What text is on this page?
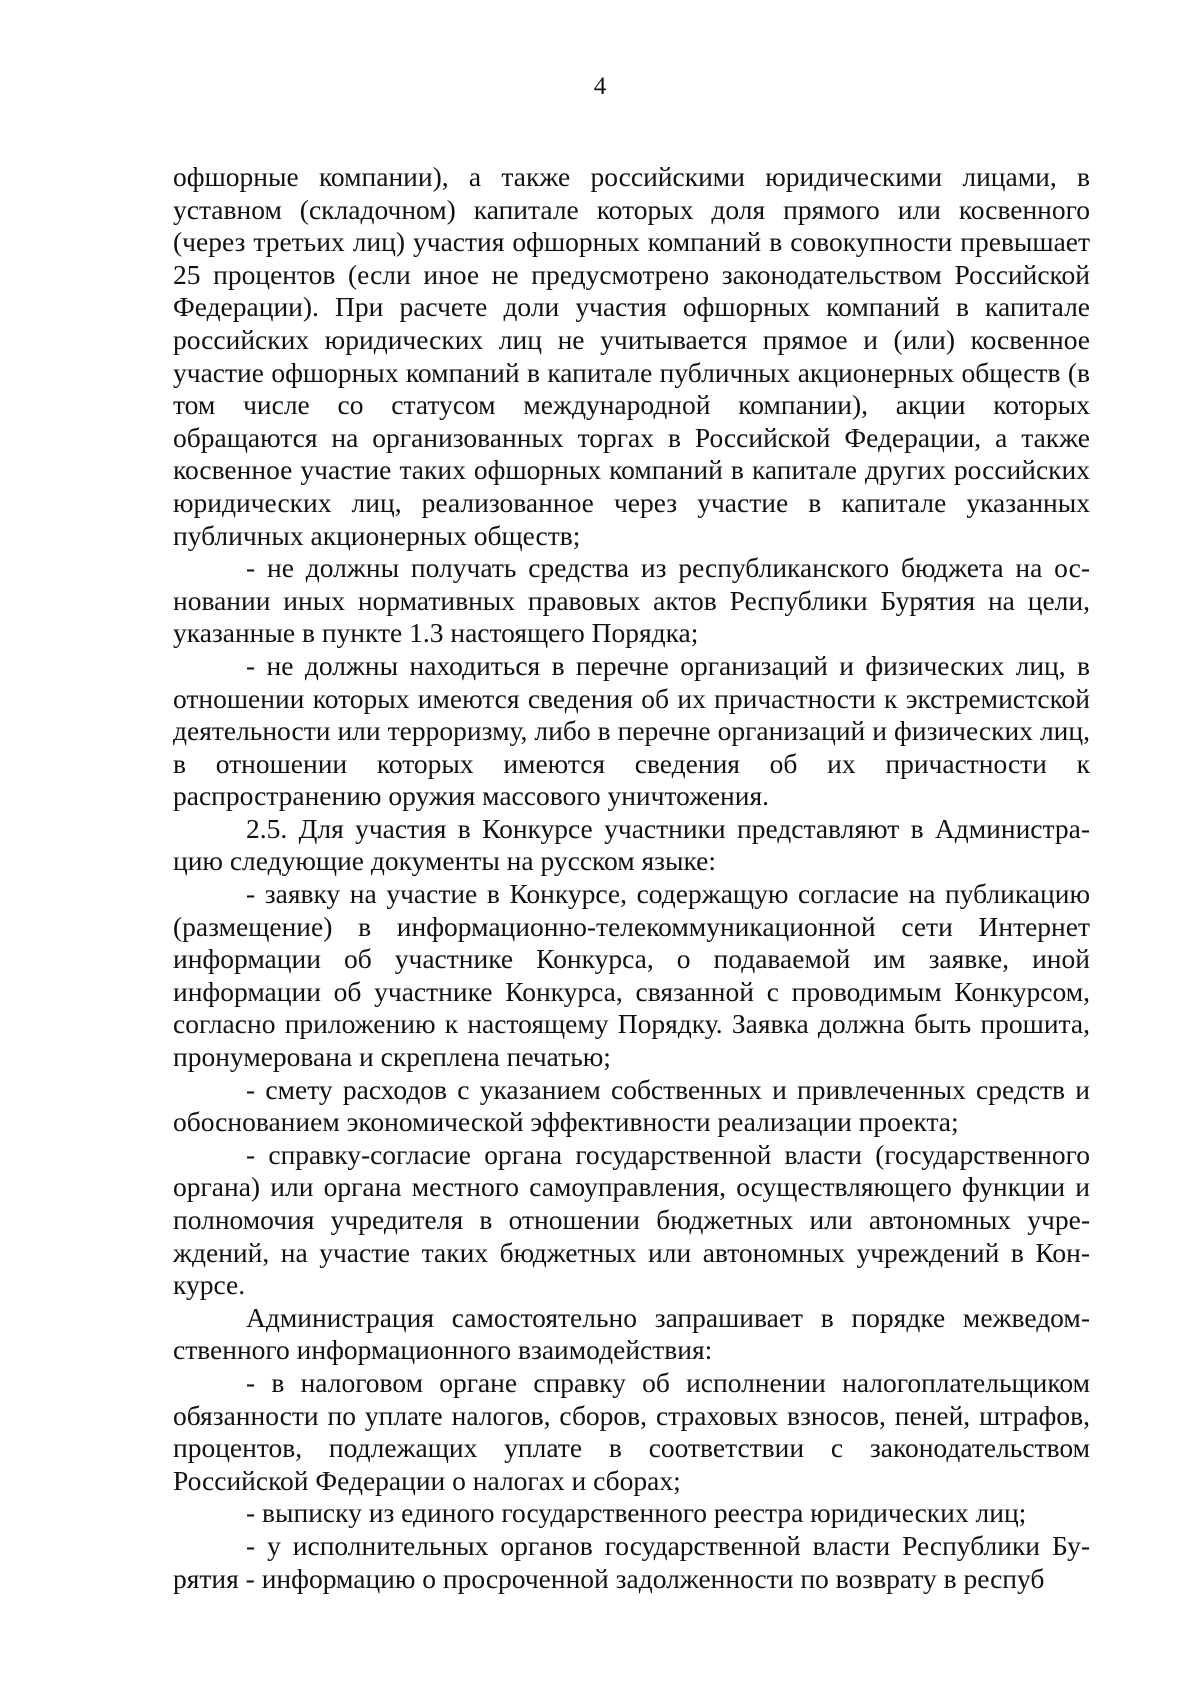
4

офшорные компании), а также российскими юридическими лицами, в уставном (складочном) капитале которых доля прямого или косвенного (через третьих лиц) участия офшорных компаний в совокупности превышает 25 процентов (если иное не предусмотрено законодательством Российской Федерации). При расчете доли участия офшорных компаний в капитале российских юридических лиц не учитывается прямое и (или) косвенное участие офшорных компаний в капитале публичных акционерных обществ (в том числе со статусом международной компании), акции которых обращаются на организованных торгах в Российской Федерации, а также косвенное участие таких офшорных компаний в капитале других российских юридических лиц, реализованное через участие в капитале указанных публичных акционерных обществ;

- не должны получать средства из республиканского бюджета на основании иных нормативных правовых актов Республики Бурятия на цели, указанные в пункте 1.3 настоящего Порядка;

- не должны находиться в перечне организаций и физических лиц, в отношении которых имеются сведения об их причастности к экстремистской деятельности или терроризму, либо в перечне организаций и физических лиц, в отношении которых имеются сведения об их причастности к распространению оружия массового уничтожения.

2.5. Для участия в Конкурсе участники представляют в Администрацию следующие документы на русском языке:

- заявку на участие в Конкурсе, содержащую согласие на публикацию (размещение) в информационно-телекоммуникационной сети Интернет информации об участнике Конкурса, о подаваемой им заявке, иной информации об участнике Конкурса, связанной с проводимым Конкурсом, согласно приложению к настоящему Порядку. Заявка должна быть прошита, пронумерована и скреплена печатью;

- смету расходов с указанием собственных и привлеченных средств и обоснованием экономической эффективности реализации проекта;

- справку-согласие органа государственной власти (государственного органа) или органа местного самоуправления, осуществляющего функции и полномочия учредителя в отношении бюджетных или автономных учреждений, на участие таких бюджетных или автономных учреждений в Конкурсе.

Администрация самостоятельно запрашивает в порядке межведомственного информационного взаимодействия:

- в налоговом органе справку об исполнении налогоплательщиком обязанности по уплате налогов, сборов, страховых взносов, пеней, штрафов, процентов, подлежащих уплате в соответствии с законодательством Российской Федерации о налогах и сборах;

- выписку из единого государственного реестра юридических лиц;

- у исполнительных органов государственной власти Республики Бурятия - информацию о просроченной задолженности по возврату в респуб
